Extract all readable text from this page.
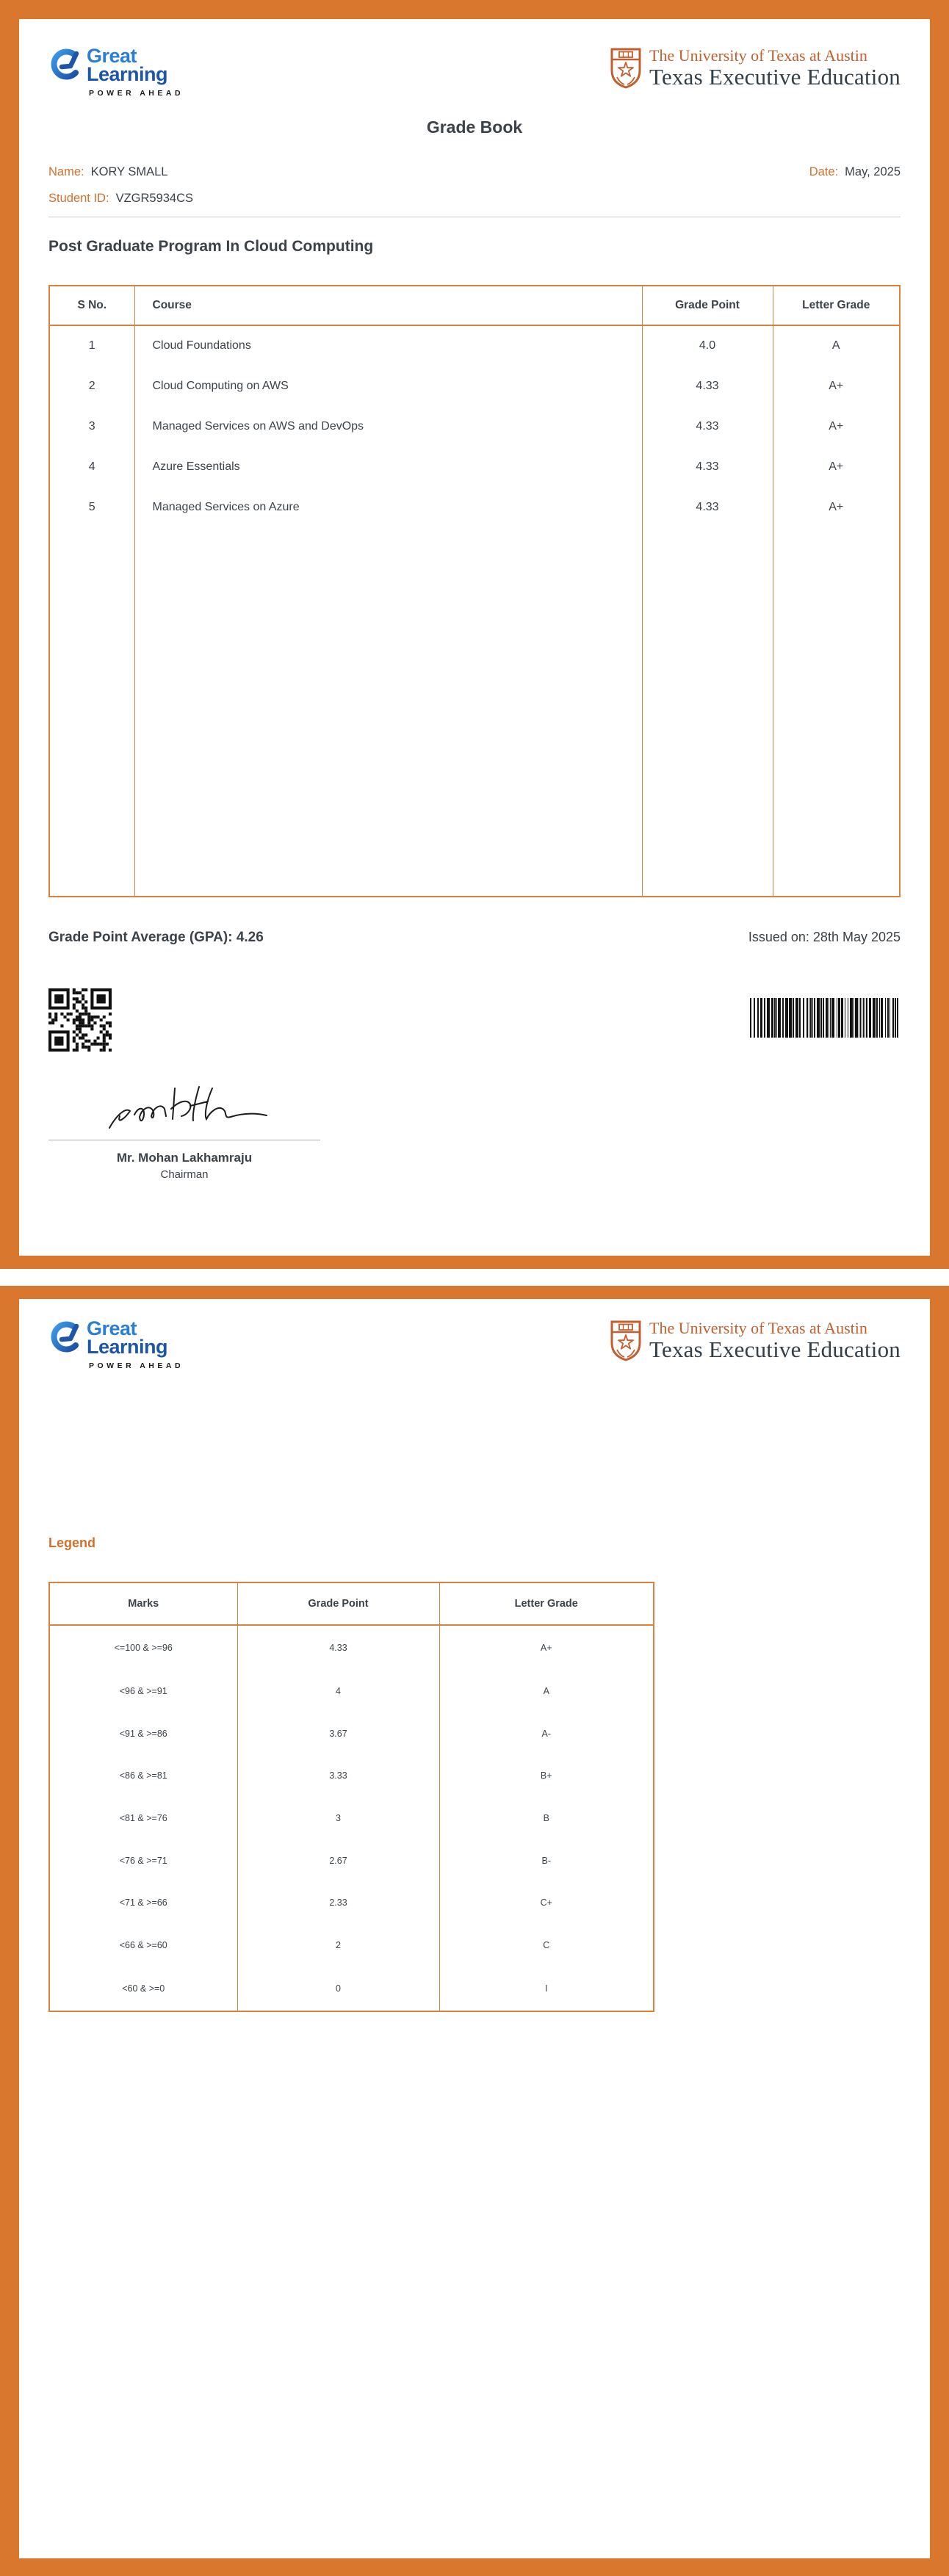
Great
Learning
POWER AHEAD
The University of Texas at Austin
Texas Executive Education
Grade Book
Name: KORY SMALL	Date: May, 2025
Student ID: VZGR5934CS
Post Graduate Program In Cloud Computing
S No.	Course	Grade Point	Letter Grade
1	Cloud Foundations	4.0	A
2	Cloud Computing on AWS	4.33	A+
3	Managed Services on AWS and DevOps	4.33	A+
4	Azure Essentials	4.33	A+
5	Managed Services on Azure	4.33	A+

Grade Point Average (GPA): 4.26	Issued on: 28th May 2025
Mr. Mohan Lakhamraju
Chairman
Great
Learning
POWER AHEAD
The University of Texas at Austin
Texas Executive Education
Legend
Marks	Grade Point	Letter Grade
<=100 & >=96	4.33	A+
<96 & >=91	4	A
<91 & >=86	3.67	A-
<86 & >=81	3.33	B+
<81 & >=76	3	B
<76 & >=71	2.67	B-
<71 & >=66	2.33	C+
<66 & >=60	2	C
<60 & >=0	0	I
